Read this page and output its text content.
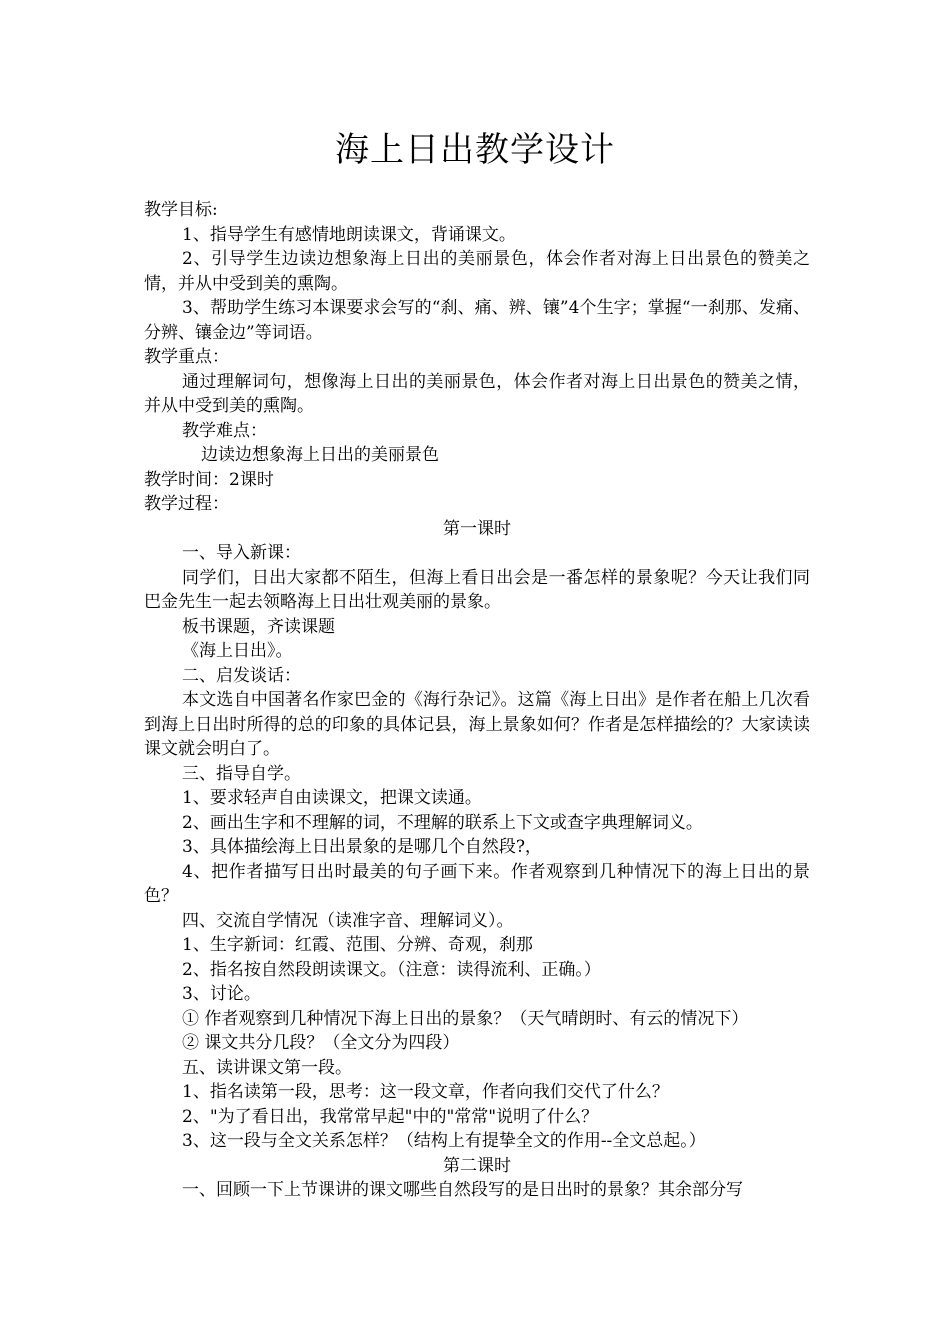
海上日出教学设计

教学目标:

1、指导学生有感情地朗读课文，背诵课文。

2、引导学生边读边想象海上日出的美丽景色，体会作者对海上日出景色的赞美之情，并从中受到美的熏陶。

3、帮助学生练习本课要求会写的“刹、痛、辨、镶”4个生字；掌握“一刹那、发痛、分辨、镶金边”等词语。

教学重点：

通过理解词句，想像海上日出的美丽景色，体会作者对海上日出景色的赞美之情，并从中受到美的熏陶。

教学难点：

边读边想象海上日出的美丽景色

教学时间：2课时

教学过程：

第一课时

一、导入新课：

同学们，日出大家都不陌生，但海上看日出会是一番怎样的景象呢？今天让我们同巴金先生一起去领略海上日出壮观美丽的景象。

板书课题，齐读课题

《海上日出》。

二、启发谈话：

本文选自中国著名作家巴金的《海行杂记》。这篇《海上日出》是作者在船上几次看到海上日出时所得的总的印象的具体记县，海上景象如何？作者是怎样描绘的？大家读读课文就会明白了。

三、指导自学。

1、要求轻声自由读课文，把课文读通。

2、画出生字和不理解的词，不理解的联系上下文或查字典理解词义。

3、具体描绘海上日出景象的是哪几个自然段?，

4、把作者描写日出时最美的句子画下来。作者观察到几种情况下的海上日出的景色？

四、交流自学情况（读准字音、理解词义）。

1、生字新词：红霞、范围、分辨、奇观，刹那

2、指名按自然段朗读课文。（注意：读得流利、正确。）

3、讨论。

① 作者观察到几种情况下海上日出的景象？（天气晴朗时、有云的情况下）

② 课文共分几段？（全文分为四段）

五、读讲课文第一段。

1、指名读第一段，思考：这一段文章，作者向我们交代了什么？

2、"为了看日出，我常常早起"中的"常常"说明了什么？

3、这一段与全文关系怎样？（结构上有提挚全文的作用--全文总起。）

第二课时

一、回顾一下上节课讲的课文哪些自然段写的是日出时的景象？其余部分写
